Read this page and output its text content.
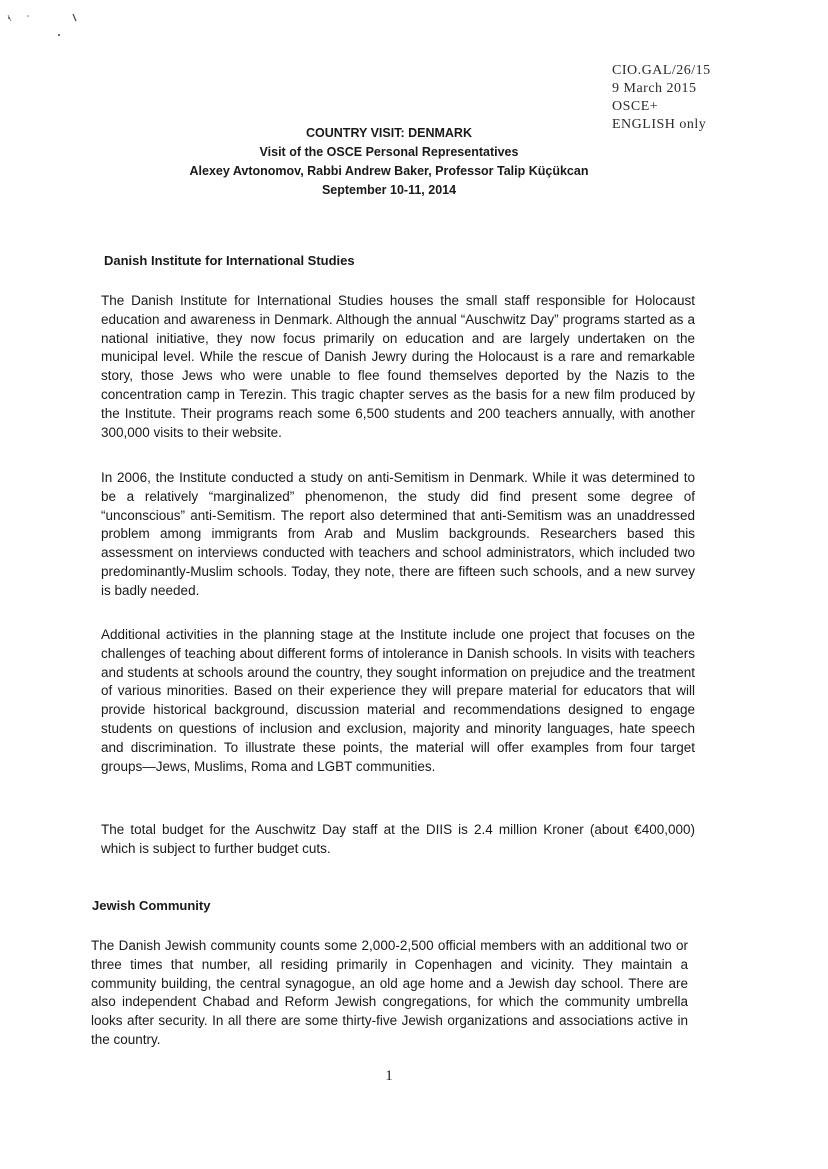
CIO.GAL/26/15
9 March 2015
OSCE+
ENGLISH only
COUNTRY VISIT: DENMARK
Visit of the OSCE Personal Representatives
Alexey Avtonomov, Rabbi Andrew Baker, Professor Talip Küçükcan
September 10-11, 2014
Danish Institute for International Studies

The Danish Institute for International Studies houses the small staff responsible for Holocaust education and awareness in Denmark. Although the annual “Auschwitz Day” programs started as a national initiative, they now focus primarily on education and are largely undertaken on the municipal level. While the rescue of Danish Jewry during the Holocaust is a rare and remarkable story, those Jews who were unable to flee found themselves deported by the Nazis to the concentration camp in Terezin. This tragic chapter serves as the basis for a new film produced by the Institute. Their programs reach some 6,500 students and 200 teachers annually, with another 300,000 visits to their website.

In 2006, the Institute conducted a study on anti-Semitism in Denmark. While it was determined to be a relatively “marginalized” phenomenon, the study did find present some degree of “unconscious” anti-Semitism. The report also determined that anti-Semitism was an unaddressed problem among immigrants from Arab and Muslim backgrounds. Researchers based this assessment on interviews conducted with teachers and school administrators, which included two predominantly-Muslim schools. Today, they note, there are fifteen such schools, and a new survey is badly needed.

Additional activities in the planning stage at the Institute include one project that focuses on the challenges of teaching about different forms of intolerance in Danish schools. In visits with teachers and students at schools around the country, they sought information on prejudice and the treatment of various minorities. Based on their experience they will prepare material for educators that will provide historical background, discussion material and recommendations designed to engage students on questions of inclusion and exclusion, majority and minority languages, hate speech and discrimination. To illustrate these points, the material will offer examples from four target groups—Jews, Muslims, Roma and LGBT communities.

The total budget for the Auschwitz Day staff at the DIIS is 2.4 million Kroner (about €400,000) which is subject to further budget cuts.

Jewish Community

The Danish Jewish community counts some 2,000-2,500 official members with an additional two or three times that number, all residing primarily in Copenhagen and vicinity. They maintain a community building, the central synagogue, an old age home and a Jewish day school. There are also independent Chabad and Reform Jewish congregations, for which the community umbrella looks after security. In all there are some thirty-five Jewish organizations and associations active in the country.

1
